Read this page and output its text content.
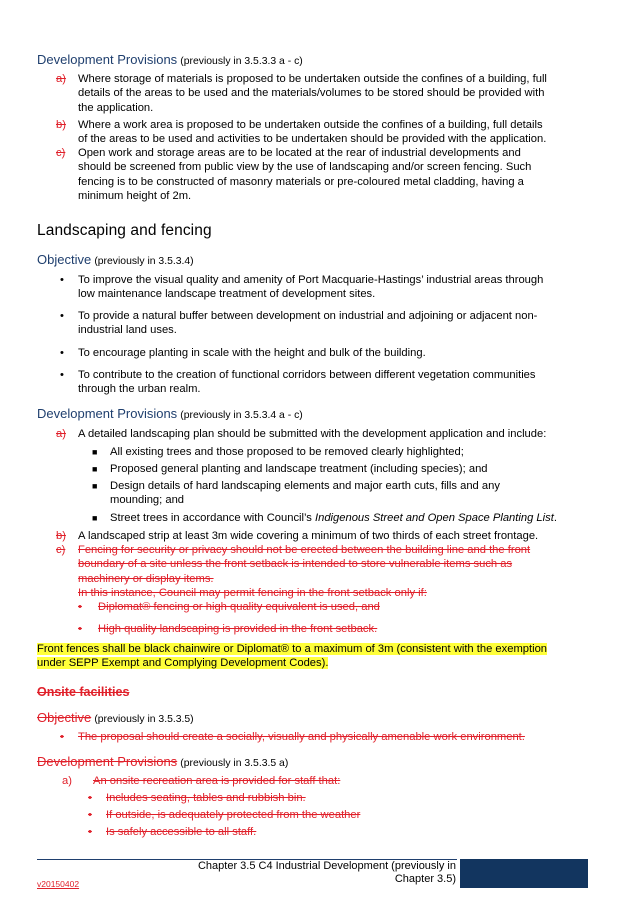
Development Provisions (previously in 3.5.3.3 a - c)
a) Where storage of materials is proposed to be undertaken outside the confines of a building, full
details of the areas to be used and the materials/volumes to be stored should be provided with
the application.
b) Where a work area is proposed to be undertaken outside the confines of a building, full details
of the areas to be used and activities to be undertaken should be provided with the application.
c) Open work and storage areas are to be located at the rear of industrial developments and
should be screened from public view by the use of landscaping and/or screen fencing. Such
fencing is to be constructed of masonry materials or pre-coloured metal cladding, having a
minimum height of 2m.
Landscaping and fencing
Objective (previously in 3.5.3.4)
• To improve the visual quality and amenity of Port Macquarie-Hastings’ industrial areas through
low maintenance landscape treatment of development sites.
• To provide a natural buffer between development on industrial and adjoining or adjacent non-
industrial land uses.
• To encourage planting in scale with the height and bulk of the building.
• To contribute to the creation of functional corridors between different vegetation communities
through the urban realm.
Development Provisions (previously in 3.5.3.4 a - c)
a) A detailed landscaping plan should be submitted with the development application and include:
■ All existing trees and those proposed to be removed clearly highlighted;
■ Proposed general planting and landscape treatment (including species); and
■ Design details of hard landscaping elements and major earth cuts, fills and any
mounding; and
■ Street trees in accordance with Council’s Indigenous Street and Open Space Planting List.
b) A landscaped strip at least 3m wide covering a minimum of two thirds of each street frontage.
c) Fencing for security or privacy should not be erected between the building line and the front
boundary of a site unless the front setback is intended to store vulnerable items such as
machinery or display items.
In this instance, Council may permit fencing in the front setback only if:
• Diplomat® fencing or high quality equivalent is used, and
• High quality landscaping is provided in the front setback.
Front fences shall be black chainwire or Diplomat® to a maximum of 3m (consistent with the exemption
under SEPP Exempt and Complying Development Codes).
Onsite facilities
Objective (previously in 3.5.3.5)
• The proposal should create a socially, visually and physically amenable work environment.
Development Provisions (previously in 3.5.3.5 a)
a) An onsite recreation area is provided for staff that:
• Includes seating, tables and rubbish bin.
• If outside, is adequately protected from the weather
• Is safely accessible to all staff.
Chapter 3.5 C4 Industrial Development (previously in
Chapter 3.5)
v20150402
